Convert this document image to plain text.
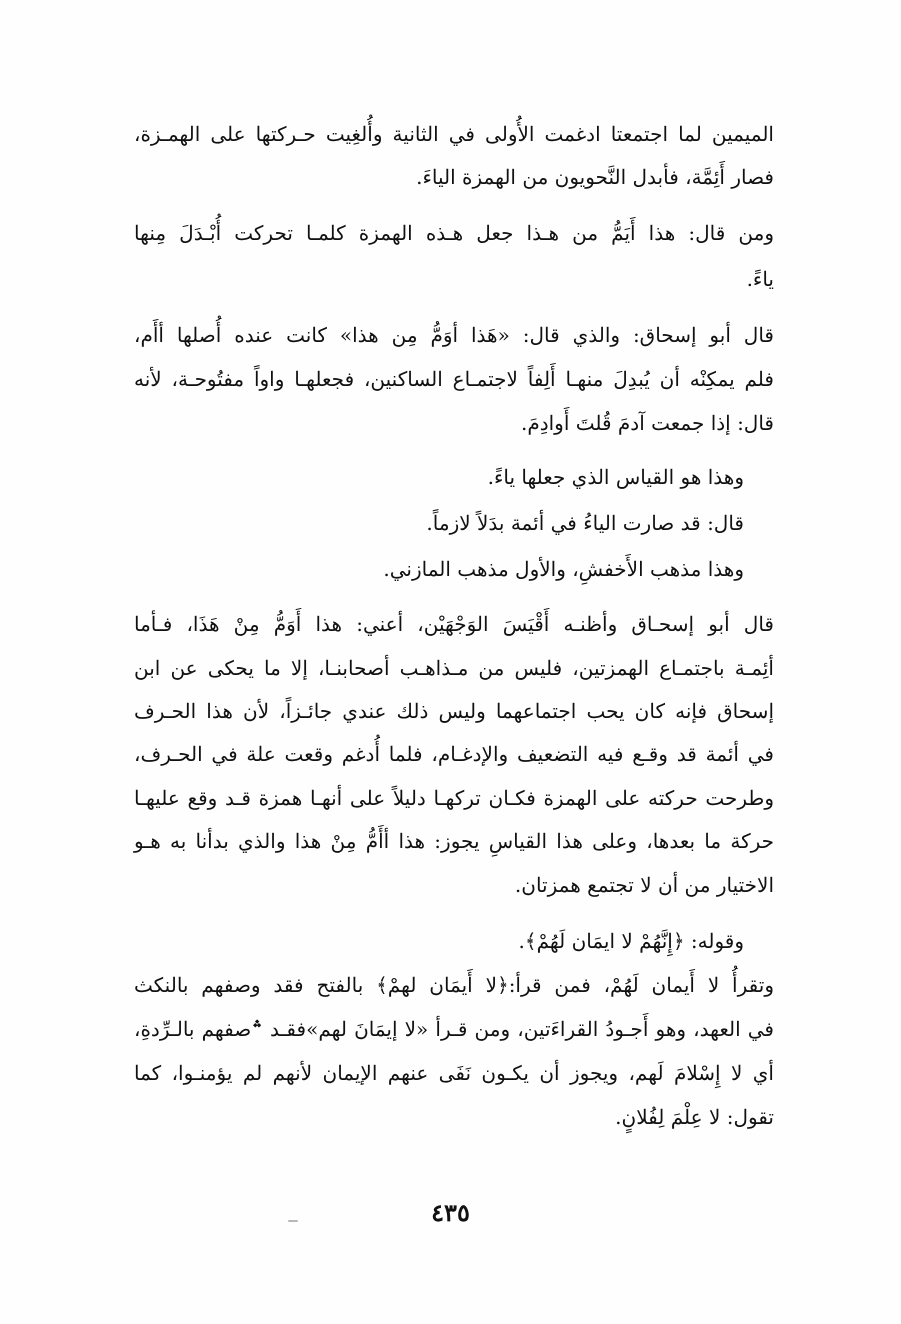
الميمين لما اجتمعتا ادغمت الأُولى في الثانية وأُلغِيت حـركتها على الهمـزة،
فصار أَئِمَّة، فأبدل النَّحويون من الهمزة الياءَ.
ومن قال: هذا أَيَمُّ من هـذا جعل هـذه الهمزة كلمـا تحركت أُبْـدَلَ مِنها
ياءً.
قال أبو إسحاق: والذي قال: «هَذا أوَمُّ مِن هذا» كانت عنده أُصلها أأَم،
فلم يمكِنْه أن يُبدِلَ منهـا أَلِفاً لاجتمـاع الساكنين، فجعلهـا واواً مفتُوحـة، لأنه
قال: إذا جمعت آدمَ قُلتَ أَوادِمَ.
وهذا هو القياس الذي جعلها ياءً.
قال: قد صارت الياءُ في أئمة بدَلاً لازماً.
وهذا مذهب الأَخفشِ، والأول مذهب المازني.
قال أبو إسحـاق وأظنـه أَقْيَسَ الوَجْهَيْن، أعني: هذا أَوَمُّ مِنْ هَذَا، فـأما
أئِمـة باجتمـاع الهمزتين، فليس من مـذاهـب أصحابنـا، إلا ما يحكى عن ابن
إسحاق فإنه كان يحب اجتماعهما وليس ذلك عندي جائـزاً، لأن هذا الحـرف
في أئمة قد وقـع فيه التضعيف والإدغـام، فلما أُدغم وقعت علة في الحـرف،
وطرحت حركته على الهمزة فكـان تركهـا دليلاً على أنهـا همزة قـد وقع عليهـا
حركة ما بعدها، وعلى هذا القياسِ يجوز: هذا أأَمُّ مِنْ هذا والذي بدأنا به هـو
الاختيار من أن لا تجتمع همزتان.
وقوله: ﴿إِنَّهُمْ لا ايمَان لَهُمْ﴾.
وتقرأُ لا أَيمان لَهُمْ، فمن قرأ:﴿لا أَيمَان لهمْ﴾ بالفتح فقد وصفهم بالنكث
في العهد، وهو أَجـودُ القراءَتين، ومن قـرأ «لا إيمَانَ لهم»فقـد ؞صفهم بالـرِّدةِ،
أي لا إِسْلامَ لَهم، ويجوز أن يكـون نَفَى عنهم الإيمان لأنهم لم يؤمنـوا، كما
تقول: لا عِلْمَ لِفُلانٍ.
٤٣٥
